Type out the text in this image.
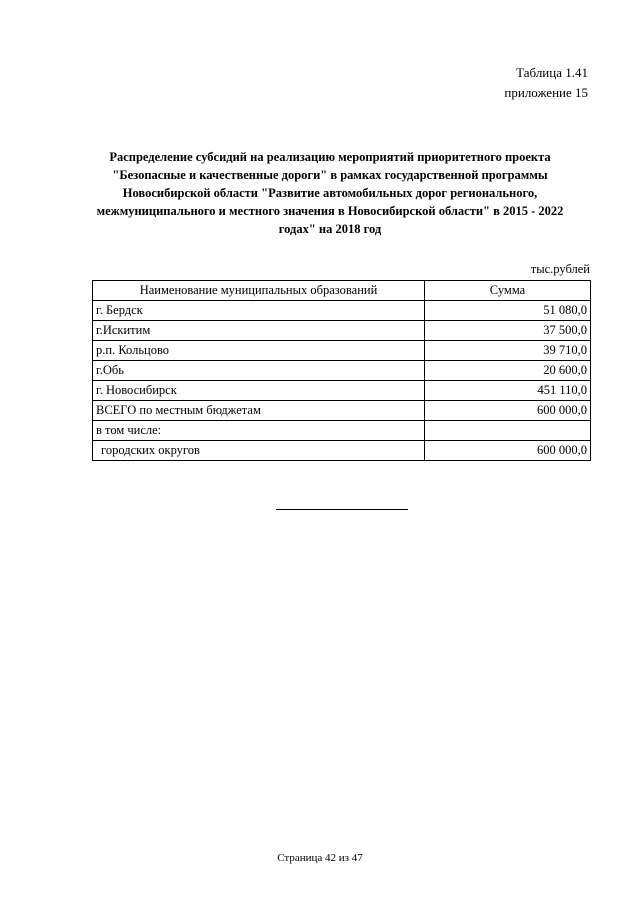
Таблица 1.41
приложение 15
Распределение субсидий на реализацию мероприятий приоритетного проекта
"Безопасные и качественные дороги" в рамках государственной программы
Новосибирской области "Развитие автомобильных дорог регионального,
межмуниципального и местного значения в Новосибирской области" в 2015 - 2022
годах" на 2018 год
тыс.рублей
Наименование муниципальных образований	Сумма
г. Бердск	51 080,0
г.Искитим	37 500,0
р.п. Кольцово	39 710,0
г.Обь	20 600,0
г. Новосибирск	451 110,0
ВСЕГО по местным бюджетам	600 000,0
в том числе:	
городских округов	600 000,0
Страница 42 из 47
